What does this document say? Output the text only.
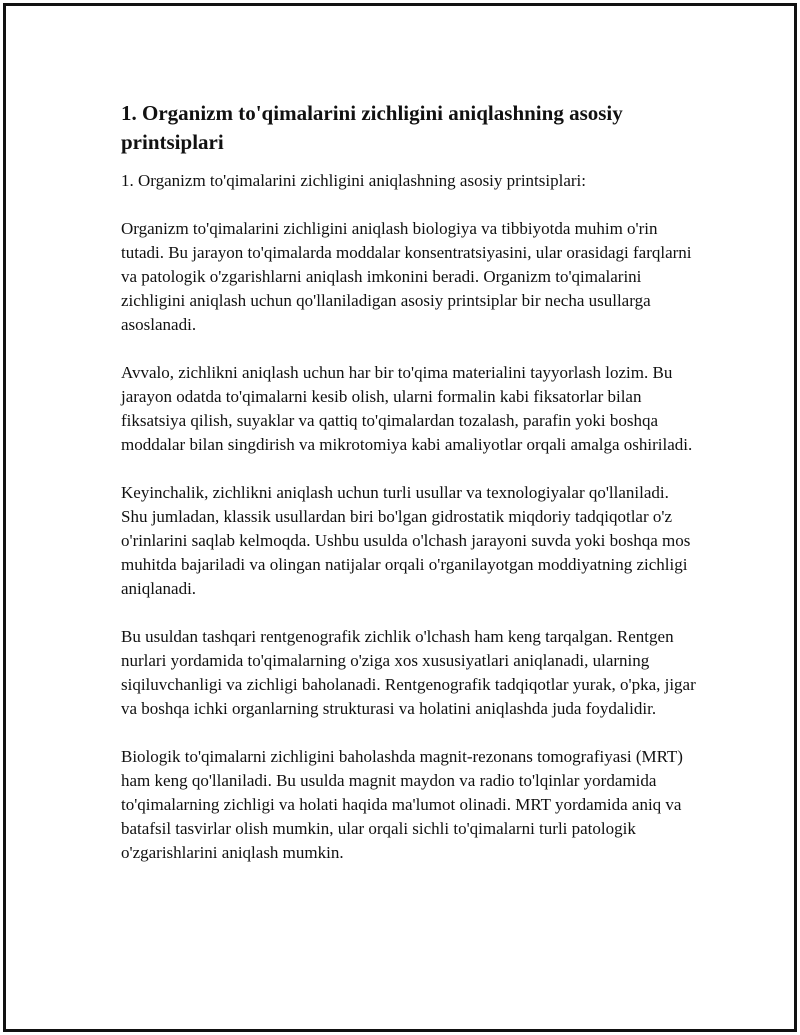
1. Organizm to'qimalarini zichligini aniqlashning asosiy printsiplari

1. Organizm to'qimalarini zichligini aniqlashning asosiy printsiplari:

Organizm to'qimalarini zichligini aniqlash biologiya va tibbiyotda muhim o'rin tutadi. Bu jarayon to'qimalarda moddalar konsentratsiyasini, ular orasidagi farqlarni va patologik o'zgarishlarni aniqlash imkonini beradi. Organizm to'qimalarini zichligini aniqlash uchun qo'llaniladigan asosiy printsiplar bir necha usullarga asoslanadi.

Avvalo, zichlikni aniqlash uchun har bir to'qima materialini tayyorlash lozim. Bu jarayon odatda to'qimalarni kesib olish, ularni formalin kabi fiksatorlar bilan fiksatsiya qilish, suyaklar va qattiq to'qimalardan tozalash, parafin yoki boshqa moddalar bilan singdirish va mikrotomiya kabi amaliyotlar orqali amalga oshiriladi.

Keyinchalik, zichlikni aniqlash uchun turli usullar va texnologiyalar qo'llaniladi. Shu jumladan, klassik usullardan biri bo'lgan gidrostatik miqdoriy tadqiqotlar o'z o'rinlarini saqlab kelmoqda. Ushbu usulda o'lchash jarayoni suvda yoki boshqa mos muhitda bajariladi va olingan natijalar orqali o'rganilayotgan moddiyatning zichligi aniqlanadi.

Bu usuldan tashqari rentgenografik zichlik o'lchash ham keng tarqalgan. Rentgen nurlari yordamida to'qimalarning o'ziga xos xususiyatlari aniqlanadi, ularning siqiluvchanligi va zichligi baholanadi. Rentgenografik tadqiqotlar yurak, o'pka, jigar va boshqa ichki organlarning strukturasi va holatini aniqlashda juda foydalidir.

Biologik to'qimalarni zichligini baholashda magnit-rezonans tomografiyasi (MRT) ham keng qo'llaniladi. Bu usulda magnit maydon va radio to'lqinlar yordamida to'qimalarning zichligi va holati haqida ma'lumot olinadi. MRT yordamida aniq va batafsil tasvirlar olish mumkin, ular orqali sichli to'qimalarni turli patologik o'zgarishlarini aniqlash mumkin.
